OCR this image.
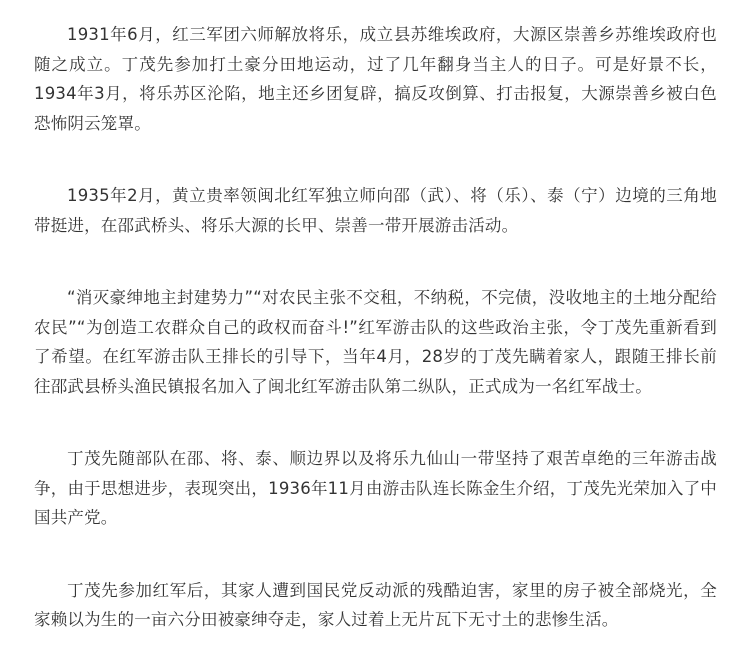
1931年6月，红三军团六师解放将乐，成立县苏维埃政府，大源区崇善乡苏维埃政府也随之成立。丁茂先参加打土豪分田地运动，过了几年翻身当主人的日子。可是好景不长，1934年3月，将乐苏区沦陷，地主还乡团复辟，搞反攻倒算、打击报复，大源崇善乡被白色恐怖阴云笼罩。

1935年2月，黄立贵率领闽北红军独立师向邵（武）、将（乐）、泰（宁）边境的三角地带挺进，在邵武桥头、将乐大源的长甲、崇善一带开展游击活动。

“消灭豪绅地主封建势力”“对农民主张不交租，不纳税，不完债，没收地主的土地分配给农民”“为创造工农群众自己的政权而奋斗!”红军游击队的这些政治主张，令丁茂先重新看到了希望。在红军游击队王排长的引导下，当年4月，28岁的丁茂先瞒着家人，跟随王排长前往邵武县桥头渔民镇报名加入了闽北红军游击队第二纵队，正式成为一名红军战士。

丁茂先随部队在邵、将、泰、顺边界以及将乐九仙山一带坚持了艰苦卓绝的三年游击战争，由于思想进步，表现突出，1936年11月由游击队连长陈金生介绍，丁茂先光荣加入了中国共产党。

丁茂先参加红军后，其家人遭到国民党反动派的残酷迫害，家里的房子被全部烧光，全家赖以为生的一亩六分田被豪绅夺走，家人过着上无片瓦下无寸土的悲惨生活。
